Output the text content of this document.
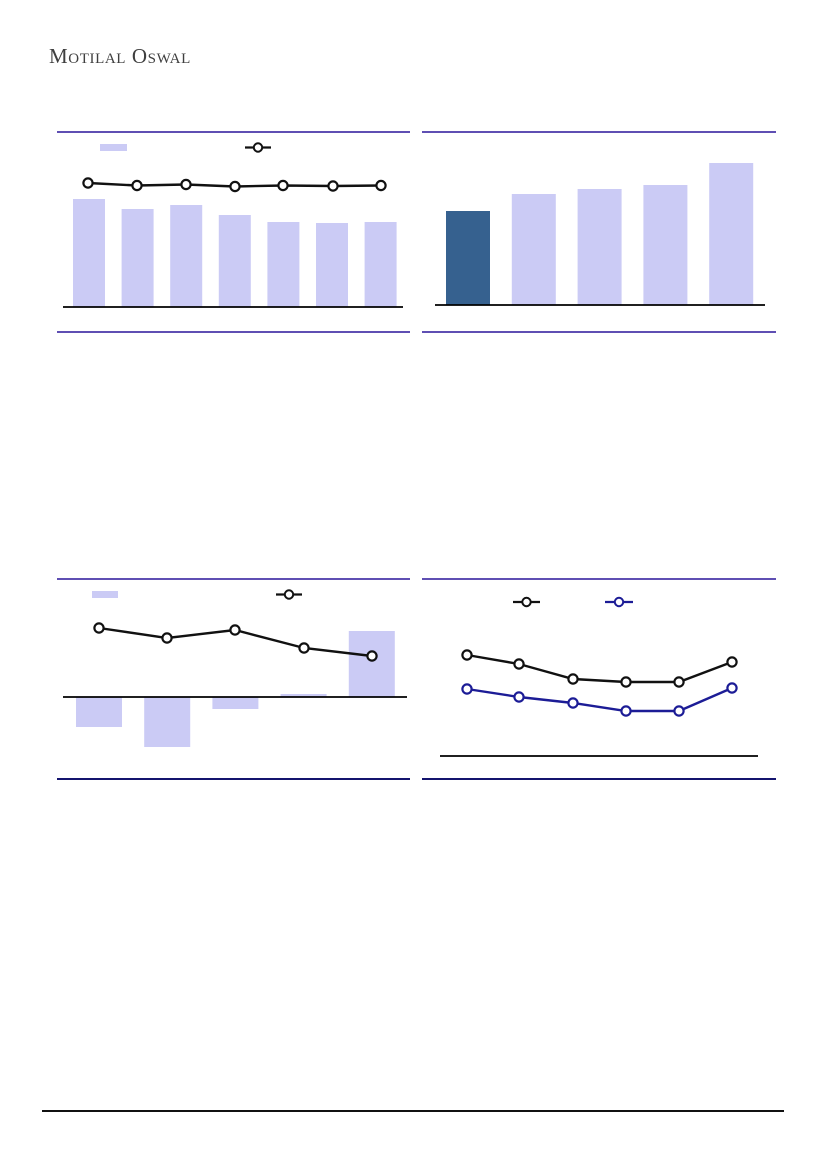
Motilal Oswal
